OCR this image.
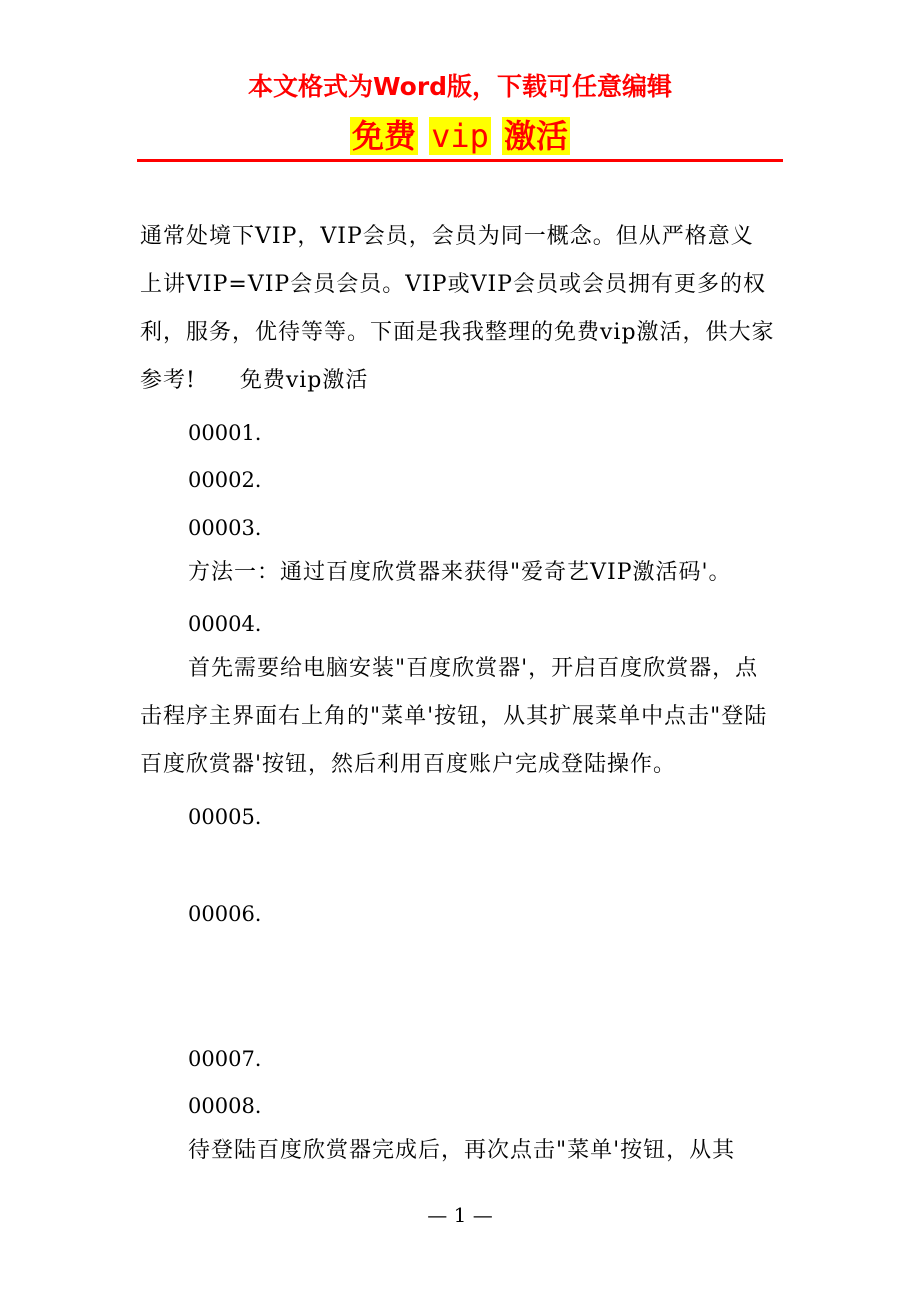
本文格式为Word版，下载可任意编辑

免费 vip 激活

通常处境下VIP，VIP会员，会员为同一概念。但从严格意义上讲VIP=VIP会员会员。VIP或VIP会员或会员拥有更多的权利，服务，优待等等。下面是我我整理的免费vip激活，供大家参考! 免费vip激活

00001.

00002.

00003.

方法一：通过百度欣赏器来获得"爱奇艺VIP激活码'。

00004.

首先需要给电脑安装"百度欣赏器'，开启百度欣赏器，点击程序主界面右上角的"菜单'按钮，从其扩展菜单中点击"登陆百度欣赏器'按钮，然后利用百度账户完成登陆操作。

00005.

00006.

00007.

00008.

待登陆百度欣赏器完成后，再次点击"菜单'按钮，从其

— 1 —
